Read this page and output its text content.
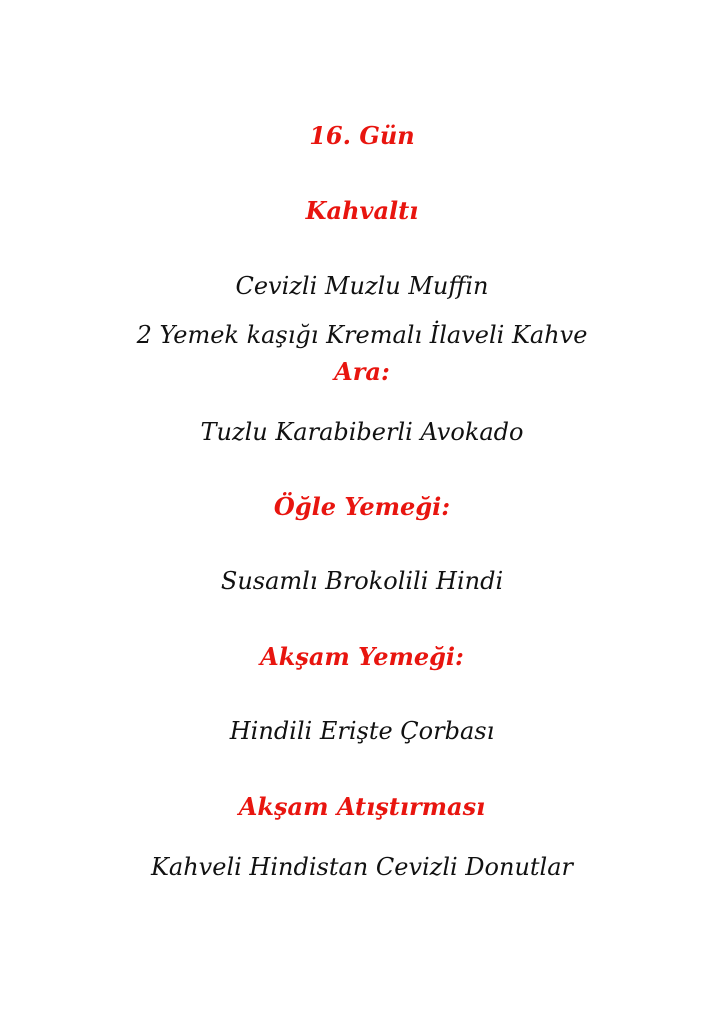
16. Gün
Kahvaltı
Cevizli Muzlu Muffin
2 Yemek kaşığı Kremalı İlaveli Kahve
Ara:
Tuzlu Karabiberli Avokado
Öğle Yemeği:
Susamlı Brokolili Hindi
Akşam Yemeği:
Hindili Erişte Çorbası
Akşam Atıştırması
Kahveli Hindistan Cevizli Donutlar
